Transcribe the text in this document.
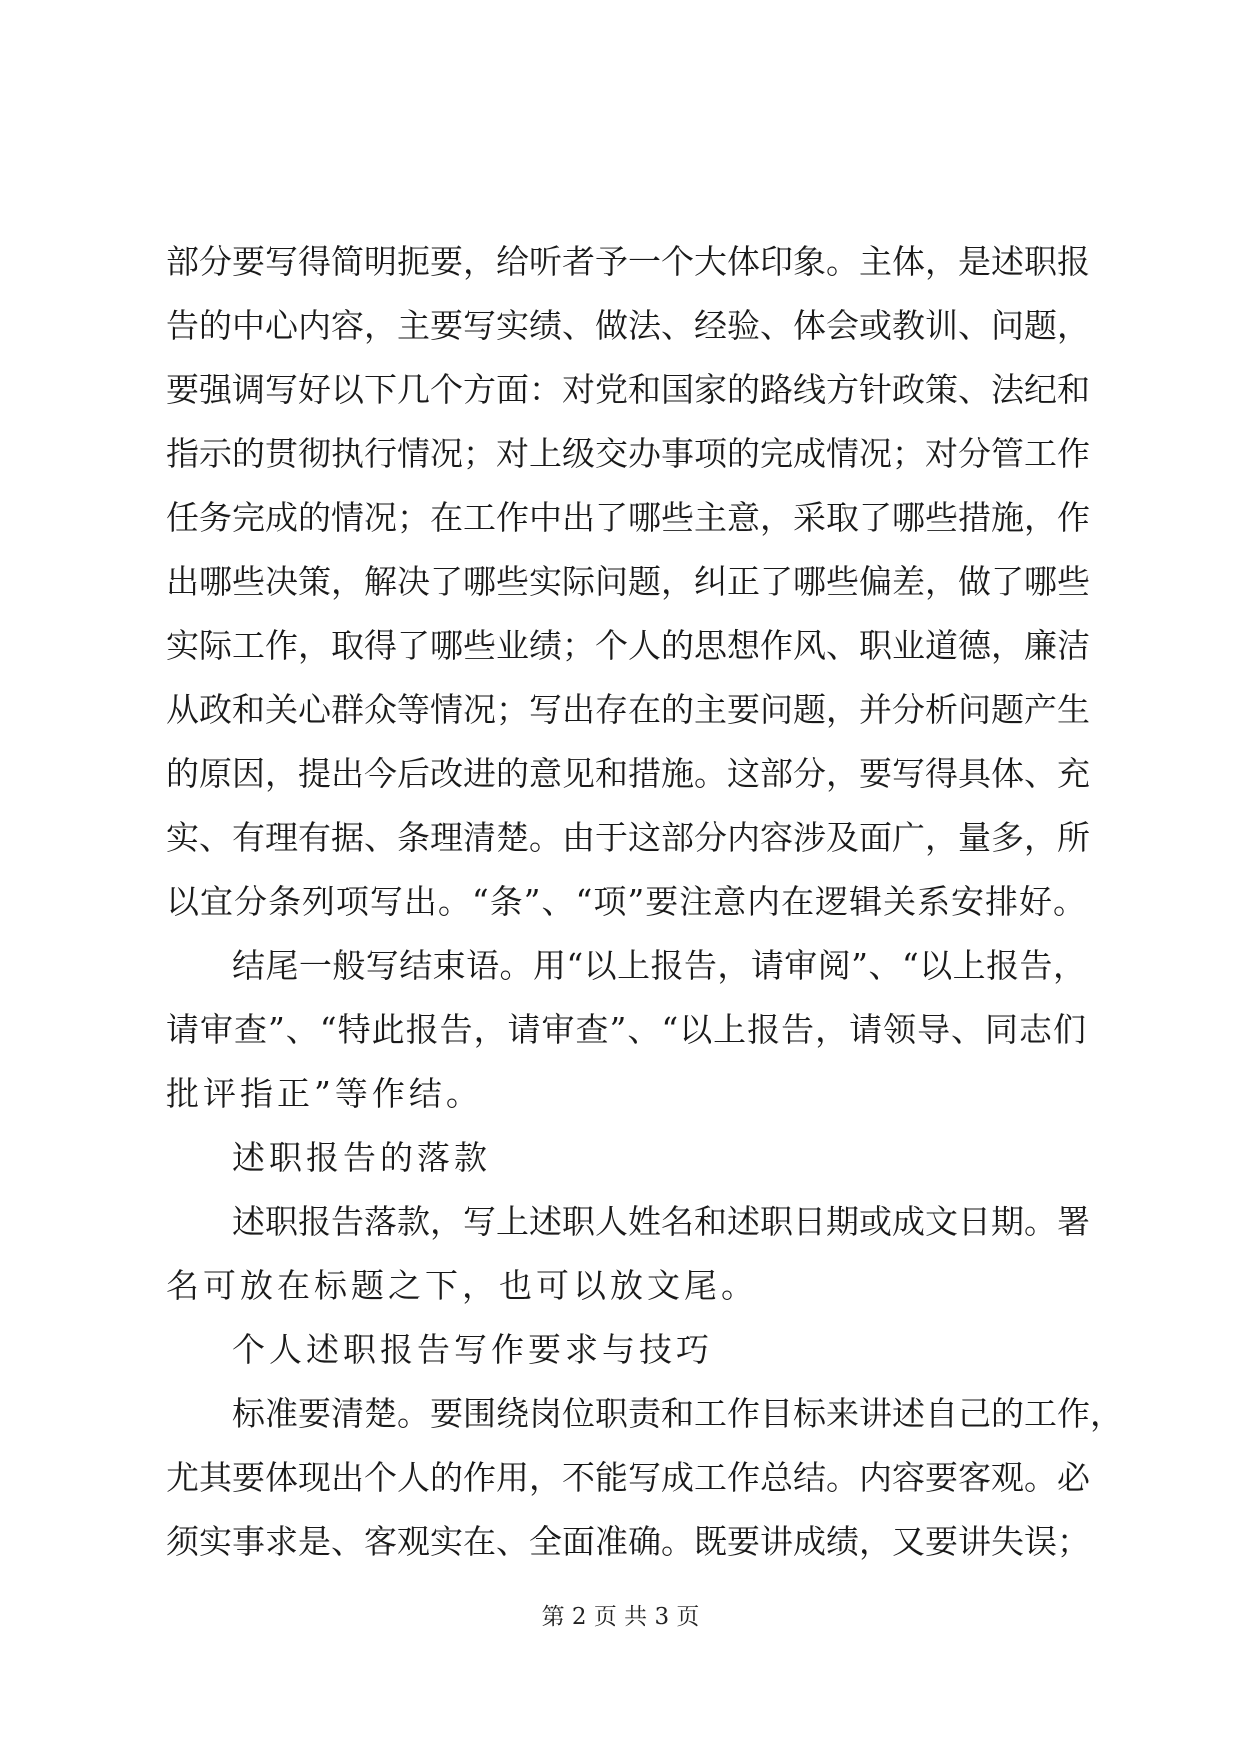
部分要写得简明扼要，给听者予一个大体印象。主体，是述职报
告的中心内容，主要写实绩、做法、经验、体会或教训、问题，
要强调写好以下几个方面：对党和国家的路线方针政策、法纪和
指示的贯彻执行情况；对上级交办事项的完成情况；对分管工作
任务完成的情况；在工作中出了哪些主意，采取了哪些措施，作
出哪些决策，解决了哪些实际问题，纠正了哪些偏差，做了哪些
实际工作，取得了哪些业绩；个人的思想作风、职业道德，廉洁
从政和关心群众等情况；写出存在的主要问题，并分析问题产生
的原因，提出今后改进的意见和措施。这部分，要写得具体、充
实、有理有据、条理清楚。由于这部分内容涉及面广，量多，所
以宜分条列项写出。“条”、“项”要注意内在逻辑关系安排好。
结尾一般写结束语。用“以上报告，请审阅”、“以上报告，
请审查”、“特此报告，请审查”、“以上报告，请领导、同志们
批评指正”等作结。
述职报告的落款
述职报告落款，写上述职人姓名和述职日期或成文日期。署
名可放在标题之下，也可以放文尾。
个人述职报告写作要求与技巧
标准要清楚。要围绕岗位职责和工作目标来讲述自己的工作，
尤其要体现出个人的作用，不能写成工作总结。内容要客观。必
须实事求是、客观实在、全面准确。既要讲成绩，又要讲失误；
第 2 页 共 3 页
